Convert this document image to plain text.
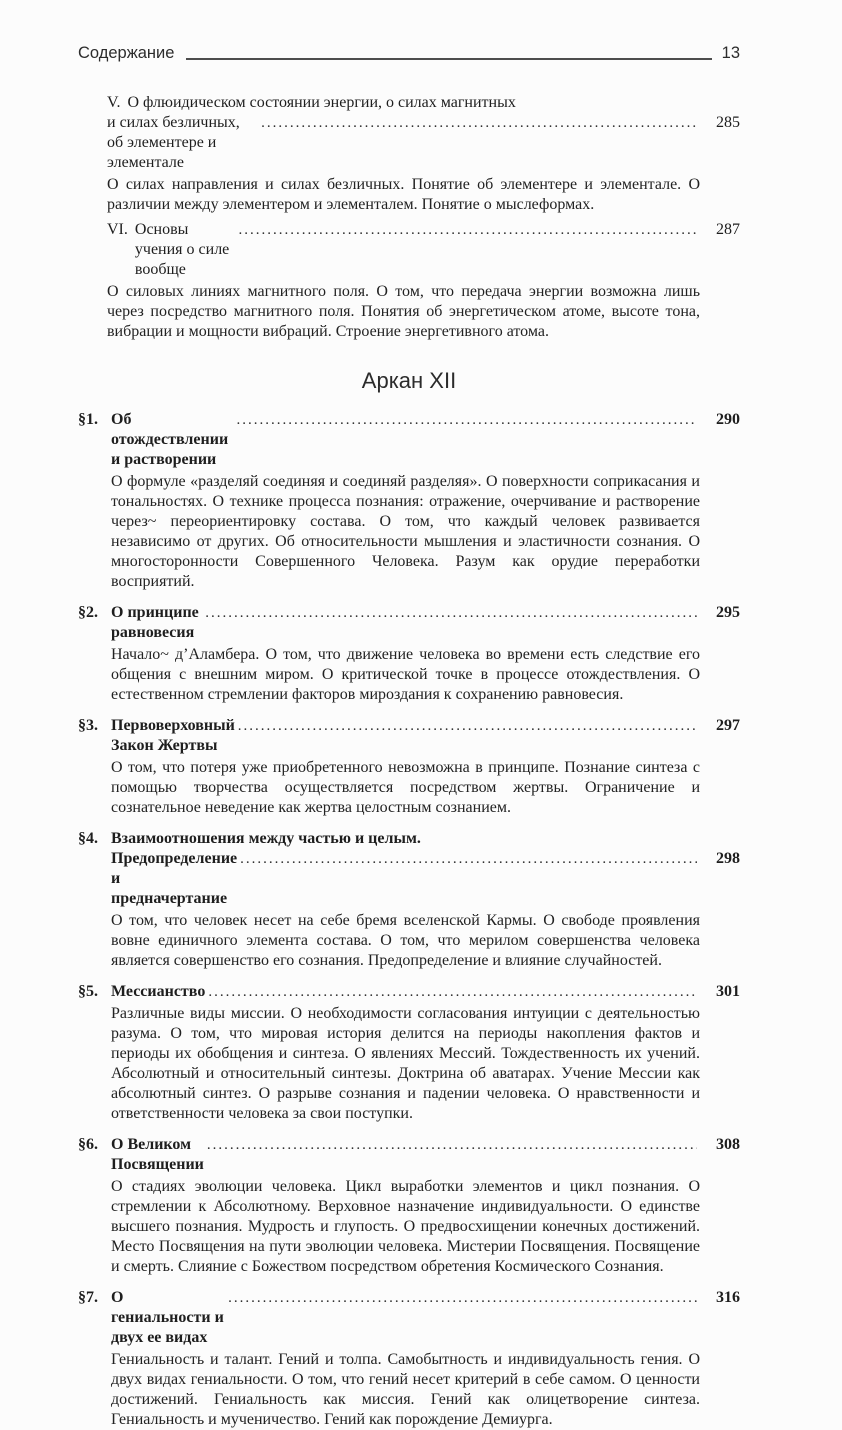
Содержание	13
V. О флюидическом состоянии энергии, о силах магнитных
и силах безличных, об элементере и элементале
.....
285
О силах направления и силах безличных. Понятие об элементере и элементале. О различии между элементером и элементалем. Понятие о мыслеформах.
VI. Основы учения о силе вообще
.....
287
О силовых линиях магнитного поля. О том, что передача энергии возможна лишь через посредство магнитного поля. Понятия об энергетическом атоме, высоте тона, вибрации и мощности вибраций. Строение энергетивного атома.
Аркан XII
§1. Об отождествлении и растворении
.....
290
О формуле «разделяй соединяя и соединяй разделяя». О поверхности соприкасания и тональностях. О технике процесса познания: отражение, очерчивание и растворение через~ переориентировку состава. О том, что каждый человек развивается независимо от других. Об относительности мышления и эластичности сознания. О многосторонности Совершенного Человека. Разум как орудие переработки восприятий.
§2. О принципе равновесия
.....
295
Начало~ д’Аламбера. О том, что движение человека во времени есть следствие его общения с внешним миром. О критической точке в процессе отождествления. О естественном стремлении факторов мироздания к сохранению равновесия.
§3. Первоверховный Закон Жертвы
.....
297
О том, что потеря уже приобретенного невозможна в принципе. Познание синтеза с помощью творчества осуществляется посредством жертвы. Ограничение и сознательное неведение как жертва целостным сознанием.
§4. Взаимоотношения между частью и целым.
Предопределение и предначертание
.....
298
О том, что человек несет на себе бремя вселенской Кармы. О свободе проявления вовне единичного элемента состава. О том, что мерилом совершенства человека является совершенство его сознания. Предопределение и влияние случайностей.
§5. Мессианство .....	301
Различные виды миссии. О необходимости согласования интуиции с деятельностью разума. О том, что мировая история делится на периоды накопления фактов и периоды их обобщения и синтеза. О явлениях Мессий. Тождественность их учений. Абсолютный и относительный синтезы. Доктрина об аватарах. Учение Мессии как абсолютный синтез. О разрыве сознания и падении человека. О нравственности и ответственности человека за свои поступки.
§6. О Великом Посвящении
.....
308
О стадиях эволюции человека. Цикл выработки элементов и цикл познания. О стремлении к Абсолютному. Верховное назначение индивидуальности. О единстве высшего познания. Мудрость и глупость. О предвосхищении конечных достижений. Место Посвящения на пути эволюции человека. Мистерии Посвящения. Посвящение и смерть. Слияние с Божеством посредством обретения Космического Сознания.
§7. О гениальности и двух ее видах
.....
316
Гениальность и талант. Гений и толпа. Самобытность и индивидуальность гения. О двух видах гениальности. О том, что гений несет критерий в себе самом. О ценности достижений. Гениальность как миссия. Гений как олицетворение синтеза. Гениальность и мученичество. Гений как порождение Демиурга.
